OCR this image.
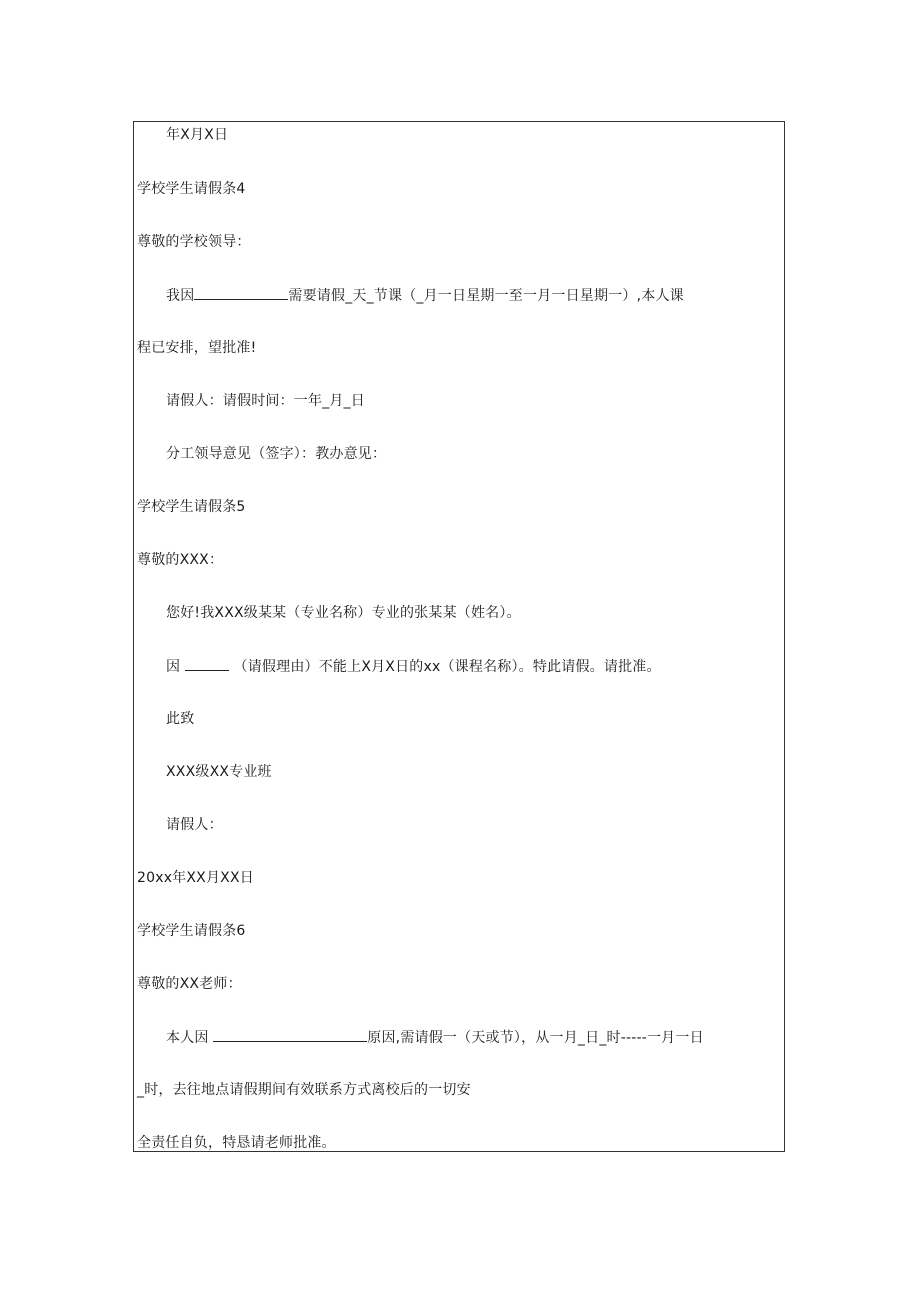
年X月X日
学校学生请假条4
尊敬的学校领导：
我因	需要请假_天_节课（_月一日星期一至一月一日星期一）,本人课
程已安排，望批准!
请假人：请假时间：一年_月_日
分工领导意见（签字）：教办意见：
学校学生请假条5
尊敬的XXX：
您好!我XXX级某某（专业名称）专业的张某某（姓名）。
因	（请假理由）不能上X月X日的xx（课程名称）。特此请假。请批准。
此致
XXX级XX专业班
请假人：
20xx年XX月XX日
学校学生请假条6
尊敬的XX老师：
本人因	原因,需请假一（天或节），从一月_日_时-----一月一日
_时，去往地点请假期间有效联系方式离校后的一切安
全责任自负，特恳请老师批准。
